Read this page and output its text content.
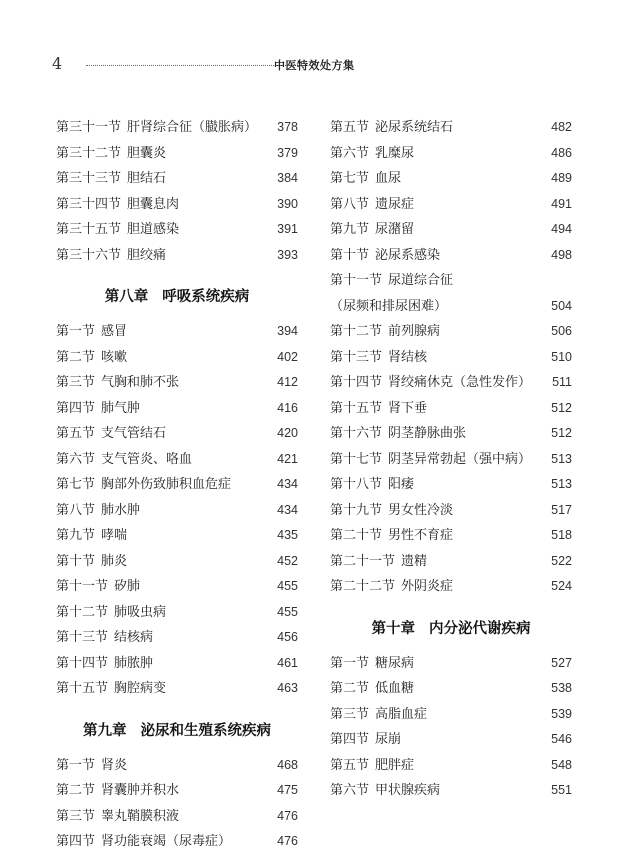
4	中医特效处方集
第三十一节 肝肾综合征（臌胀病） 378
第三十二节 胆囊炎	379
第三十三节 胆结石	384
第三十四节 胆囊息肉	390
第三十五节 胆道感染	391
第三十六节 胆绞痛	393
第八章 呼吸系统疾病
第一节 感冒	394
第二节 咳嗽	402
第三节 气胸和肺不张	412
第四节 肺气肿	416
第五节 支气管结石	420
第六节 支气管炎、咯血	421
第七节 胸部外伤致肺积血危症	434
第八节 肺水肿	434
第九节 哮喘	435
第十节 肺炎	452
第十一节 矽肺	455
第十二节 肺吸虫病	455
第十三节 结核病	456
第十四节 肺脓肿	461
第十五节 胸腔病变	463
第九章 泌尿和生殖系统疾病
第一节 肾炎	468
第二节 肾囊肿并积水	475
第三节 睾丸鞘膜积液	476
第四节 肾功能衰竭（尿毒症）	476
第五节 泌尿系统结石	482
第六节 乳糜尿	486
第七节 血尿	489
第八节 遗尿症	491
第九节 尿潴留	494
第十节 泌尿系感染	498
第十一节 尿道综合征
（尿频和排尿困难）	504
第十二节 前列腺病	506
第十三节 肾结核	510
第十四节 肾绞痛休克（急性发作） 511
第十五节 肾下垂	512
第十六节 阴茎静脉曲张	512
第十七节 阴茎异常勃起（强中病） 513
第十八节 阳痿	513
第十九节 男女性冷淡	517
第二十节 男性不育症	518
第二十一节 遗精	522
第二十二节 外阴炎症	524
第十章 内分泌代谢疾病
第一节 糖尿病	527
第二节 低血糖	538
第三节 高脂血症	539
第四节 尿崩	546
第五节 肥胖症	548
第六节 甲状腺疾病	551
